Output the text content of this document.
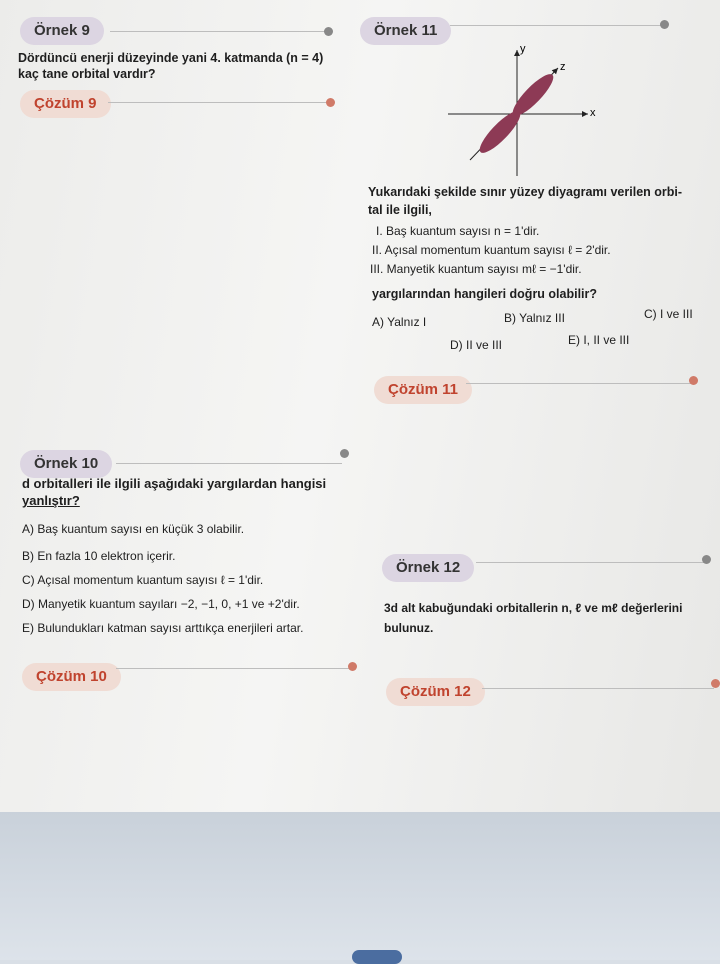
Örnek 9
Dördüncü enerji düzeyinde yani 4. katmanda (n = 4)
kaç tane orbital vardır?
Çözüm 9
Örnek 10
d orbitalleri ile ilgili aşağıdaki yargılardan hangisi
yanlıştır?
A) Baş kuantum sayısı en küçük 3 olabilir.
B) En fazla 10 elektron içerir.
C) Açısal momentum kuantum sayısı ℓ = 1'dir.
D) Manyetik kuantum sayıları −2, −1, 0, +1 ve +2'dir.
E) Bulundukları katman sayısı arttıkça enerjileri artar.
Çözüm 10
Örnek 11
y
x
z
Yukarıdaki şekilde sınır yüzey diyagramı verilen orbi-
tal ile ilgili,
I. Baş kuantum sayısı n = 1'dir.
II. Açısal momentum kuantum sayısı ℓ = 2'dir.
III. Manyetik kuantum sayısı mℓ = −1'dir.
yargılarından hangileri doğru olabilir?
A) Yalnız I	B) Yalnız III	C) I ve III
D) II ve III	E) I, II ve III
Çözüm 11
Örnek 12
3d alt kabuğundaki orbitallerin n, ℓ ve mℓ değerlerini
bulunuz.
Çözüm 12
